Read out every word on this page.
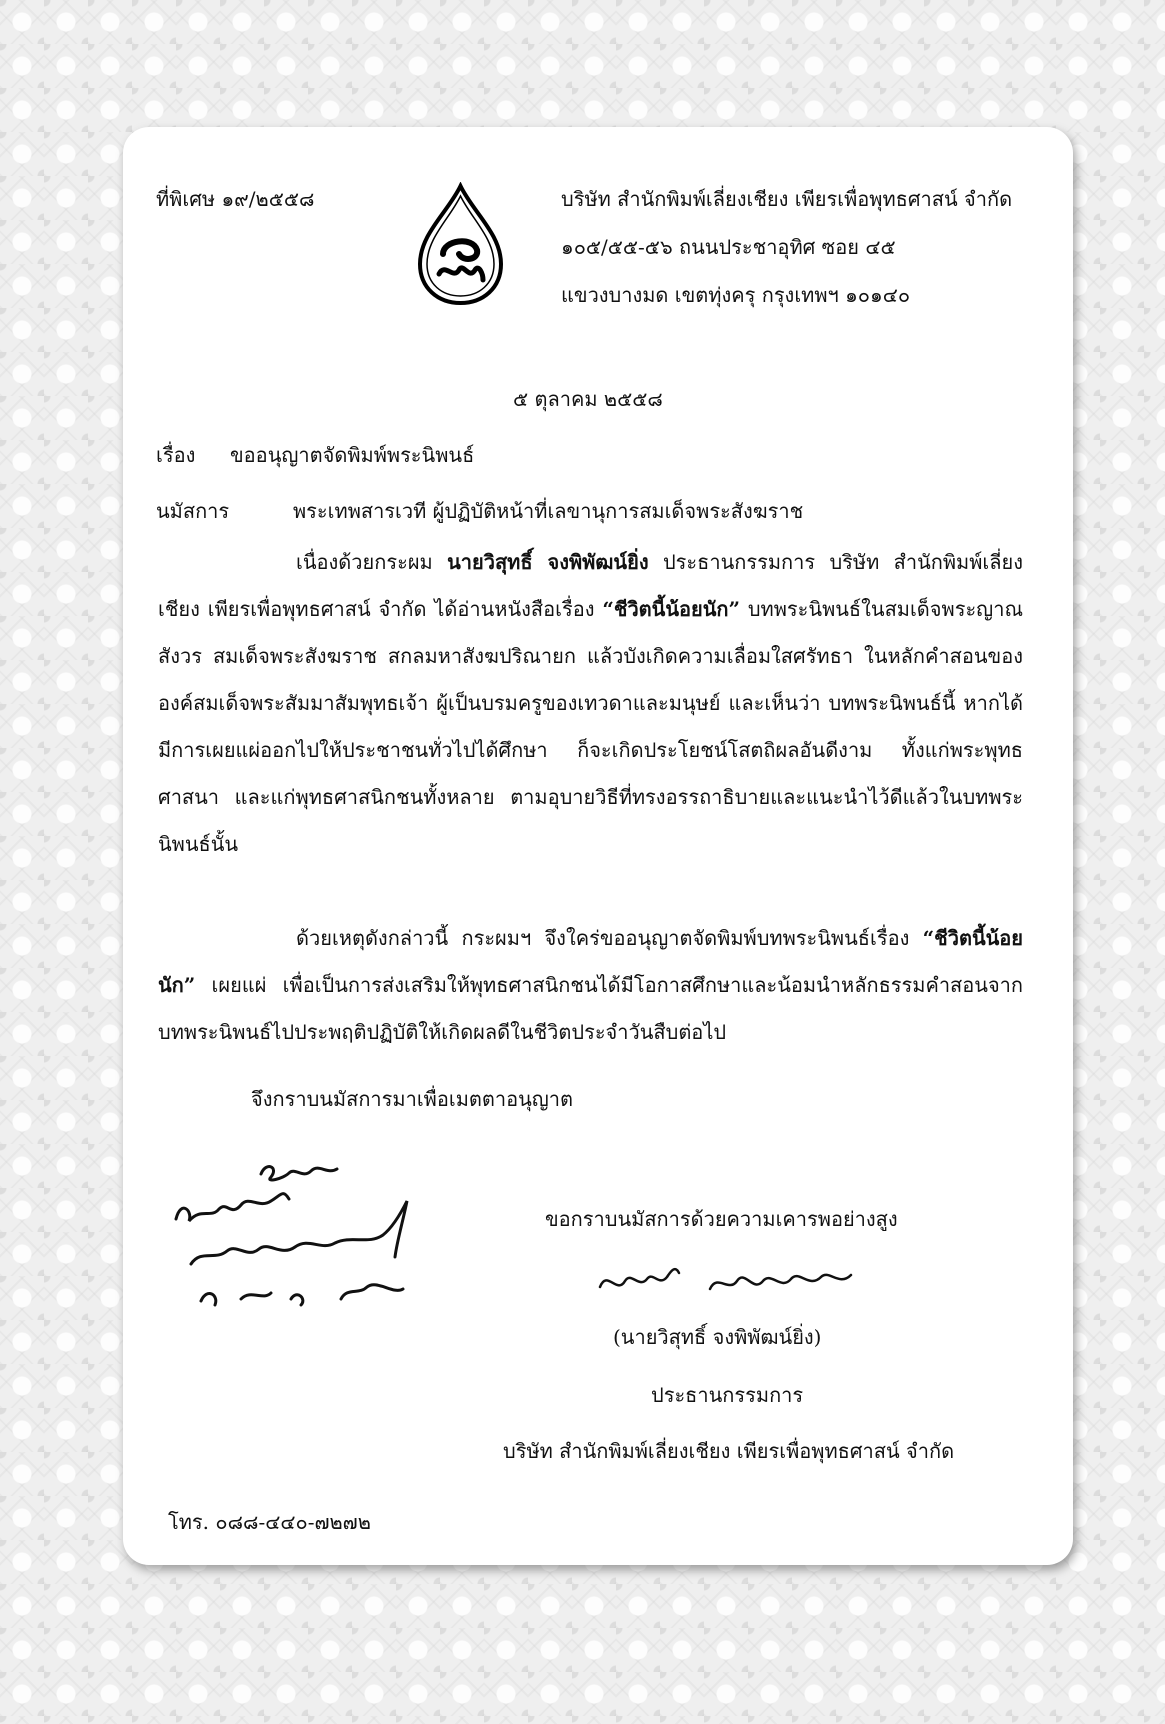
ที่พิเศษ ๑๙/๒๕๕๘	บริษัท สำนักพิมพ์เลี่ยงเชียง เพียรเพื่อพุทธศาสน์ จำกัด
๑๐๕/๕๕-๕๖ ถนนประชาอุทิศ ซอย ๔๕
แขวงบางมด เขตทุ่งครุ กรุงเทพฯ ๑๐๑๔๐
๕ ตุลาคม ๒๕๕๘
เรื่อง ขออนุญาตจัดพิมพ์พระนิพนธ์
นมัสการ	พระเทพสารเวที ผู้ปฏิบัติหน้าที่เลขานุการสมเด็จพระสังฆราช
เนื่องด้วยกระผม นายวิสุทธิ์ จงพิพัฒน์ยิ่ง ประธานกรรมการ บริษัท สำนักพิมพ์เลี่ยงเชียง เพียรเพื่อพุทธศาสน์ จำกัด ได้อ่านหนังสือเรื่อง “ชีวิตนี้น้อยนัก” บทพระนิพนธ์ในสมเด็จพระญาณสังวร สมเด็จพระสังฆราช สกลมหาสังฆปริณายก แล้วบังเกิดความเลื่อมใสศรัทธา ในหลักคำสอนขององค์สมเด็จพระสัมมาสัมพุทธเจ้า ผู้เป็นบรมครูของเทวดาและมนุษย์ และเห็นว่า บทพระนิพนธ์นี้ หากได้มีการเผยแผ่ออกไปให้ประชาชนทั่วไปได้ศึกษา ก็จะเกิดประโยชน์โสตถิผลอันดีงาม ทั้งแก่พระพุทธศาสนา และแก่พุทธศาสนิกชนทั้งหลาย ตามอุบายวิธีที่ทรงอรรถาธิบายและแนะนำไว้ดีแล้วในบทพระนิพนธ์นั้น
ด้วยเหตุดังกล่าวนี้ กระผมฯ จึงใคร่ขออนุญาตจัดพิมพ์บทพระนิพนธ์เรื่อง “ชีวิตนี้น้อยนัก” เผยแผ่ เพื่อเป็นการส่งเสริมให้พุทธศาสนิกชนได้มีโอกาสศึกษาและน้อมนำหลักธรรมคำสอนจากบทพระนิพนธ์ไปประพฤติปฏิบัติให้เกิดผลดีในชีวิตประจำวันสืบต่อไป
จึงกราบนมัสการมาเพื่อเมตตาอนุญาต
อนุญาต
ให้ไว้
พระเทพสารเวที
๕ ต.ค. ๕๘
ขอกราบนมัสการด้วยความเคารพอย่างสูง
วิสุทธิ์ จงพิพัฒน์ยิ่ง
(นายวิสุทธิ์ จงพิพัฒน์ยิ่ง)
ประธานกรรมการ
บริษัท สำนักพิมพ์เลี่ยงเชียง เพียรเพื่อพุทธศาสน์ จำกัด
โทร. ๐๘๘-๔๔๐-๗๒๗๒
